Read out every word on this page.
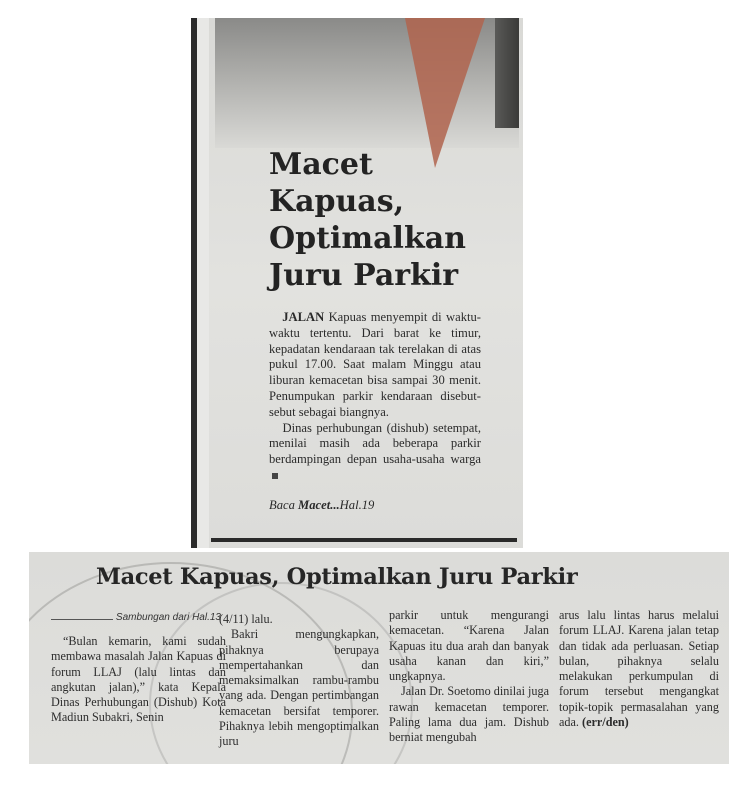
Macet
Kapuas,
Optimalkan
Juru Parkir

JALAN Kapuas menyempit di waktu-waktu tertentu. Dari barat ke timur, kepadatan kendaraan tak terelakan di atas pukul 17.00. Saat malam Minggu atau liburan kemacetan bisa sampai 30 menit. Penumpukan parkir kendaraan disebut-sebut sebagai biangnya.

Dinas perhubungan (dishub) setempat, menilai masih ada beberapa parkir berdampingan depan usaha-usaha warga

Baca Macet...Hal.19
Macet Kapuas, Optimalkan Juru Parkir
Sambungan dari Hal.13

“Bulan kemarin, kami sudah membawa masalah Jalan Kapuas di forum LLAJ (lalu lintas dan angkutan jalan),” kata Kepala Dinas Perhubungan (Dishub) Kota Madiun Subakri, Senin

(4/11) lalu.

Bakri mengungkapkan, pihaknya berupaya mempertahankan dan memaksimalkan rambu-rambu yang ada. Dengan pertimbangan kemacetan bersifat temporer. Pihaknya lebih mengoptimalkan juru

parkir untuk mengurangi kemacetan. “Karena Jalan Kapuas itu dua arah dan banyak usaha kanan dan kiri,” ungkapnya.

Jalan Dr. Soetomo dinilai juga rawan kemacetan temporer. Paling lama dua jam. Dishub berniat mengubah

arus lalu lintas harus melalui forum LLAJ. Karena jalan tetap dan tidak ada perluasan. Setiap bulan, pihaknya selalu melakukan perkumpulan di forum tersebut mengangkat topik-topik permasalahan yang ada. (err/den)
